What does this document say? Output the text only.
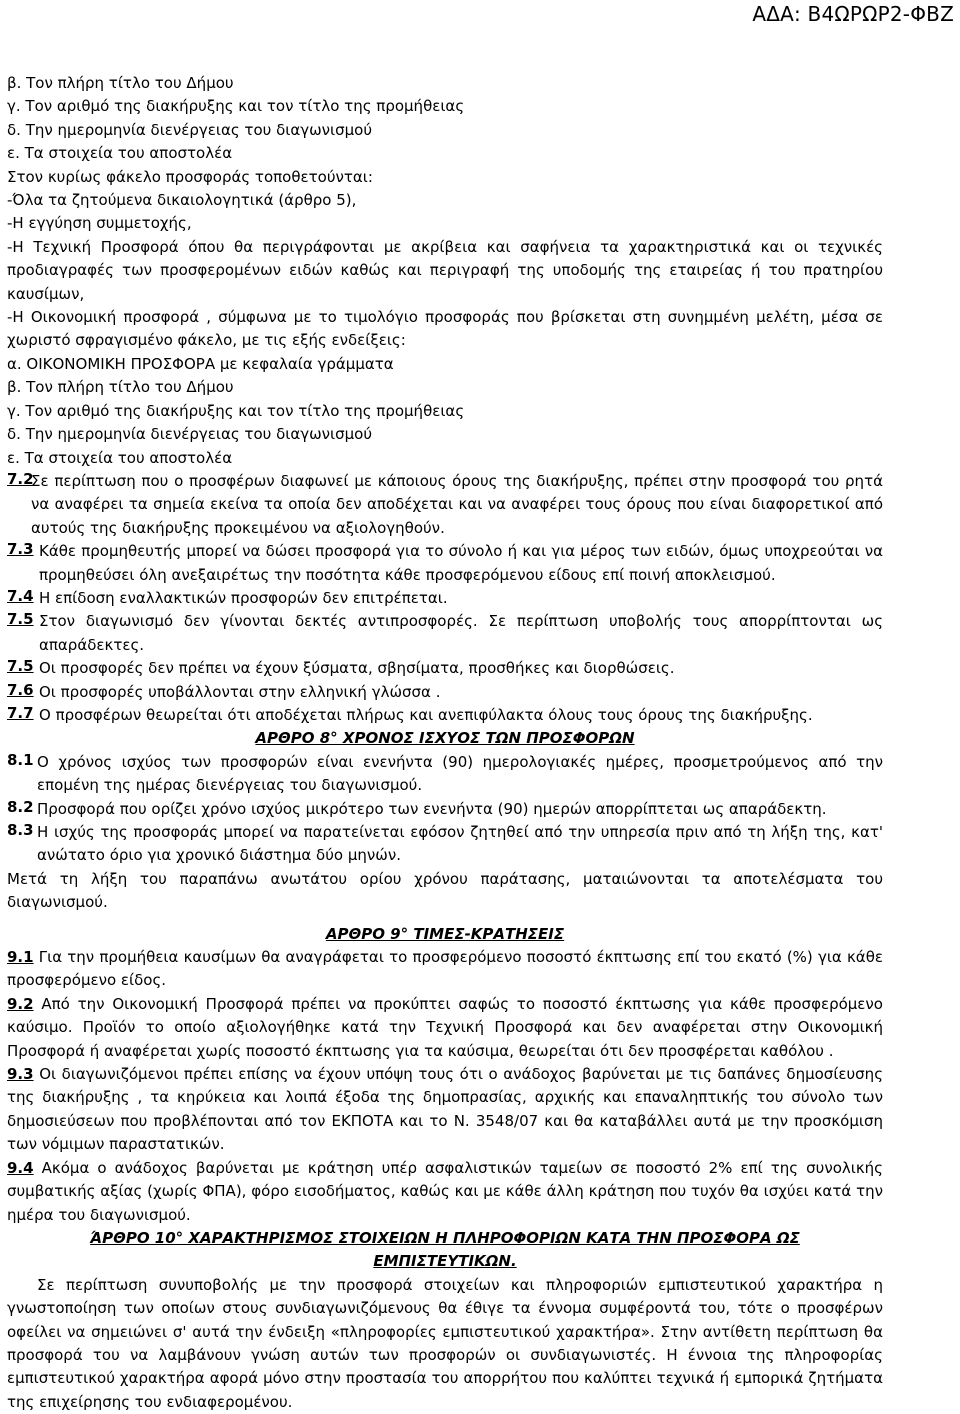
ΑΔΑ: Β4ΩΡΩΡ2-ΦΒΖ
β. Τον πλήρη τίτλο του Δήμου
γ. Τον αριθμό της διακήρυξης και τον τίτλο της προμήθειας
δ. Την ημερομηνία διενέργειας του διαγωνισμού
ε. Τα στοιχεία του αποστολέα
Στον κυρίως φάκελο προσφοράς τοποθετούνται:
-Όλα τα ζητούμενα δικαιολογητικά (άρθρο 5),
-Η εγγύηση συμμετοχής,
-Η Τεχνική Προσφορά όπου θα περιγράφονται με ακρίβεια και σαφήνεια τα χαρακτηριστικά και οι τεχνικές προδιαγραφές των προσφερομένων ειδών καθώς και περιγραφή της υποδομής της εταιρείας ή του πρατηρίου καυσίμων,
-Η Οικονομική προσφορά , σύμφωνα με το τιμολόγιο προσφοράς που βρίσκεται στη συνημμένη μελέτη, μέσα σε χωριστό σφραγισμένο φάκελο, με τις εξής ενδείξεις:
α. ΟΙΚΟΝΟΜΙΚΗ ΠΡΟΣΦΟΡΑ με κεφαλαία γράμματα
β. Τον πλήρη τίτλο του Δήμου
γ. Τον αριθμό της διακήρυξης και τον τίτλο της προμήθειας
δ. Την ημερομηνία διενέργειας του διαγωνισμού
ε. Τα στοιχεία του αποστολέα
7.2
Σε περίπτωση που ο προσφέρων διαφωνεί με κάποιους όρους της διακήρυξης, πρέπει στην προσφορά του ρητά να αναφέρει τα σημεία εκείνα τα οποία δεν αποδέχεται και να αναφέρει τους όρους που είναι διαφορετικοί από αυτούς της διακήρυξης προκειμένου να αξιολογηθούν.
7.3 Κάθε προμηθευτής μπορεί να δώσει προσφορά για το σύνολο ή και για μέρος των ειδών, όμως υποχρεούται να προμηθεύσει όλη ανεξαιρέτως την ποσότητα κάθε προσφερόμενου είδους επί ποινή αποκλεισμού.
7.4 Η επίδοση εναλλακτικών προσφορών δεν επιτρέπεται.
7.5 Στον διαγωνισμό δεν γίνονται δεκτές αντιπροσφορές. Σε περίπτωση υποβολής τους απορρίπτονται ως απαράδεκτες.
7.5 Οι προσφορές δεν πρέπει να έχουν ξύσματα, σβησίματα, προσθήκες και διορθώσεις.
7.6 Οι προσφορές υποβάλλονται στην ελληνική γλώσσα .
7.7 Ο προσφέρων θεωρείται ότι αποδέχεται πλήρως και ανεπιφύλακτα όλους τους όρους της διακήρυξης.
ΑΡΘΡΟ 8° ΧΡΟΝΟΣ ΙΣΧΥΟΣ ΤΩΝ ΠΡΟΣΦΟΡΩΝ
8.1 Ο χρόνος ισχύος των προσφορών είναι ενενήντα (90) ημερολογιακές ημέρες, προσμετρούμενος από την επομένη της ημέρας διενέργειας του διαγωνισμού.
8.2 Προσφορά που ορίζει χρόνο ισχύος μικρότερο των ενενήντα (90) ημερών απορρίπτεται ως απαράδεκτη.
8.3 Η ισχύς της προσφοράς μπορεί να παρατείνεται εφόσον ζητηθεί από την υπηρεσία πριν από τη λήξη της, κατ' ανώτατο όριο για χρονικό διάστημα δύο μηνών.
Μετά τη λήξη του παραπάνω ανωτάτου ορίου χρόνου παράτασης, ματαιώνονται τα αποτελέσματα του διαγωνισμού.
ΑΡΘΡΟ 9° ΤΙΜΕΣ-ΚΡΑΤΗΣΕΙΣ
9.1 Για την προμήθεια καυσίμων θα αναγράφεται το προσφερόμενο ποσοστό έκπτωσης επί του εκατό (%) για κάθε προσφερόμενο είδος.
9.2 Από την Οικονομική Προσφορά πρέπει να προκύπτει σαφώς το ποσοστό έκπτωσης για κάθε προσφερόμενο καύσιμο. Προϊόν το οποίο αξιολογήθηκε κατά την Τεχνική Προσφορά και δεν αναφέρεται στην Οικονομική Προσφορά ή αναφέρεται χωρίς ποσοστό έκπτωσης για τα καύσιμα, θεωρείται ότι δεν προσφέρεται καθόλου .
9.3 Οι διαγωνιζόμενοι πρέπει επίσης να έχουν υπόψη τους ότι ο ανάδοχος βαρύνεται με τις δαπάνες δημοσίευσης της διακήρυξης , τα κηρύκεια και λοιπά έξοδα της δημοπρασίας, αρχικής και επαναληπτικής του σύνολο των δημοσιεύσεων που προβλέπονται από τον ΕΚΠΟΤΑ και το Ν. 3548/07 και θα καταβάλλει αυτά με την προσκόμιση των νόμιμων παραστατικών.
9.4 Ακόμα ο ανάδοχος βαρύνεται με κράτηση υπέρ ασφαλιστικών ταμείων σε ποσοστό 2% επί της συνολικής συμβατικής αξίας (χωρίς ΦΠΑ), φόρο εισοδήματος, καθώς και με κάθε άλλη κράτηση που τυχόν θα ισχύει κατά την ημέρα του διαγωνισμού.
ΆΡΘΡΟ 10° ΧΑΡΑΚΤΗΡΙΣΜΟΣ ΣΤΟΙΧΕΙΩΝ Η ΠΛΗΡΟΦΟΡΙΩΝ ΚΑΤΑ ΤΗΝ ΠΡΟΣΦΟΡΑ ΩΣ
ΕΜΠΙΣΤΕΥΤΙΚΩΝ.
Σε περίπτωση συνυποβολής με την προσφορά στοιχείων και πληροφοριών εμπιστευτικού χαρακτήρα η γνωστοποίηση των οποίων στους συνδιαγωνιζόμενους θα έθιγε τα έννομα συμφέροντά του, τότε ο προσφέρων οφείλει να σημειώνει σ' αυτά την ένδειξη «πληροφορίες εμπιστευτικού χαρακτήρα». Στην αντίθετη περίπτωση θα προσφορά του να λαμβάνουν γνώση αυτών των προσφορών οι συνδιαγωνιστές. Η έννοια της πληροφορίας εμπιστευτικού χαρακτήρα αφορά μόνο στην προστασία του απορρήτου που καλύπτει τεχνικά ή εμπορικά ζητήματα της επιχείρησης του ενδιαφερομένου.
